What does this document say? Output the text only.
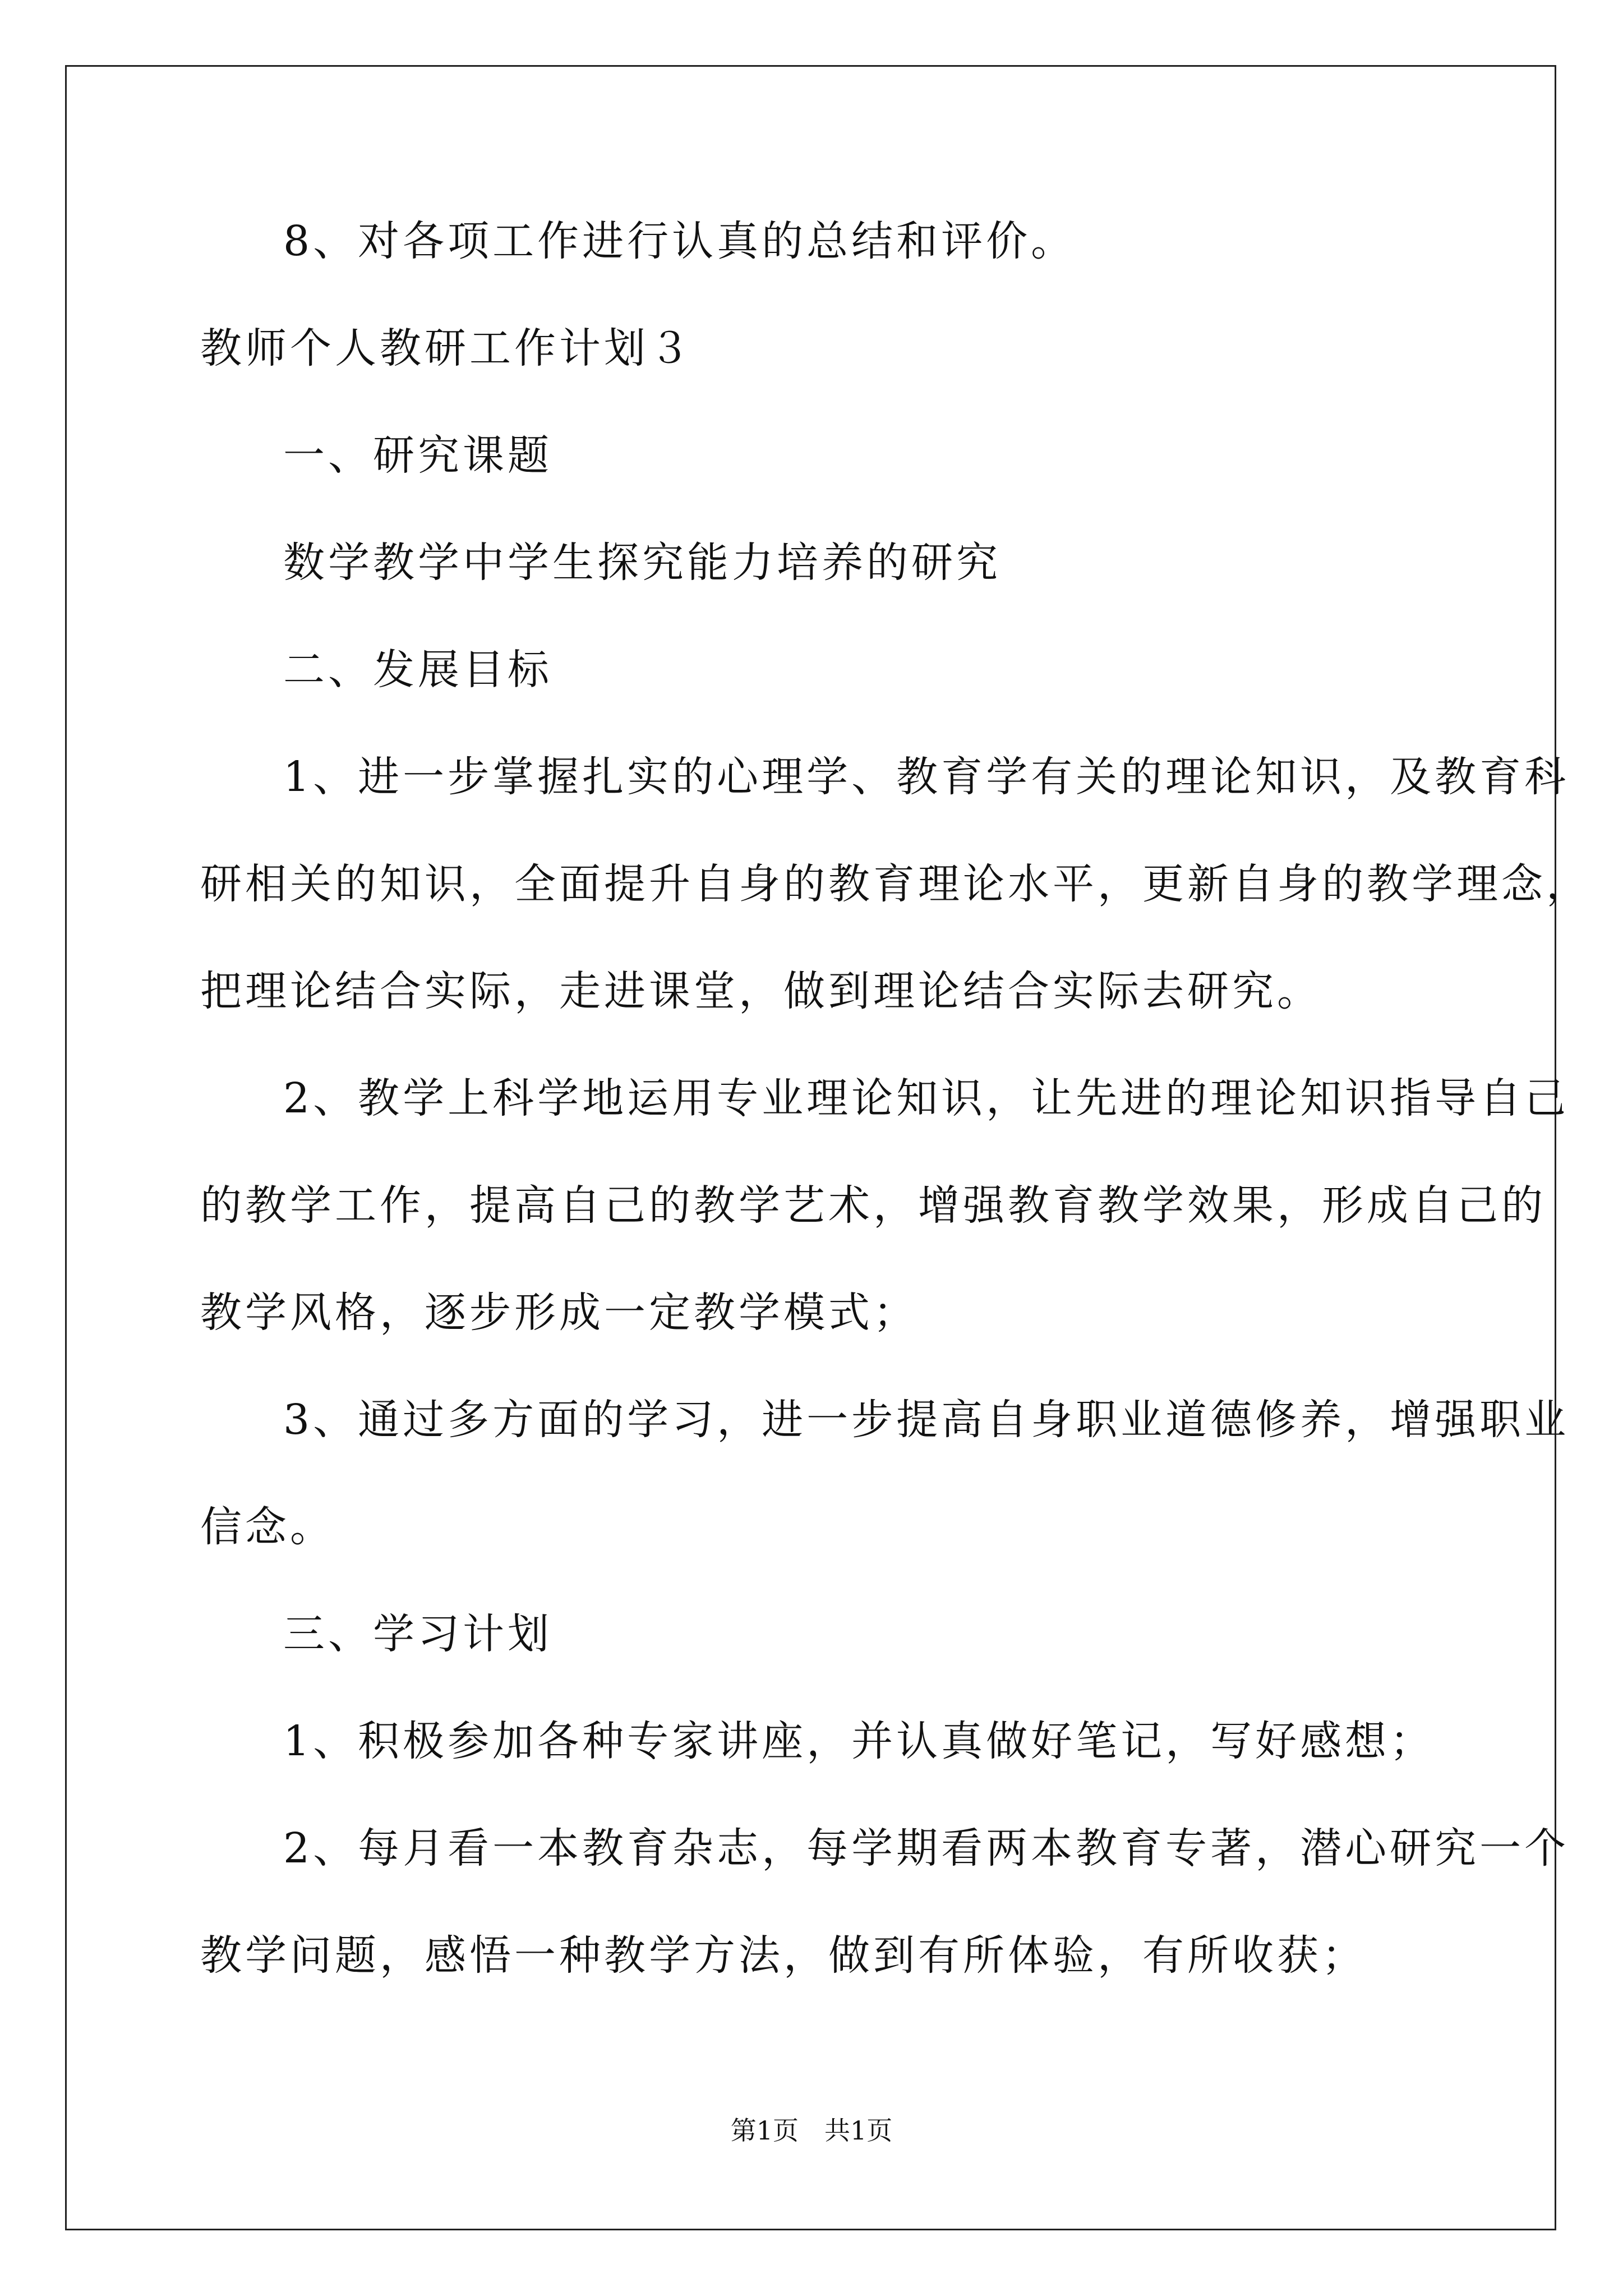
8、对各项工作进行认真的总结和评价。
教师个人教研工作计划３
一、研究课题
数学教学中学生探究能力培养的研究
二、发展目标
1、进一步掌握扎实的心理学、教育学有关的理论知识，及教育科
研相关的知识，全面提升自身的教育理论水平，更新自身的教学理念，
把理论结合实际，走进课堂，做到理论结合实际去研究。
2、教学上科学地运用专业理论知识，让先进的理论知识指导自己
的教学工作，提高自己的教学艺术，增强教育教学效果，形成自己的
教学风格，逐步形成一定教学模式；
3、通过多方面的学习，进一步提高自身职业道德修养，增强职业
信念。
三、学习计划
1、积极参加各种专家讲座，并认真做好笔记，写好感想；
2、每月看一本教育杂志，每学期看两本教育专著，潜心研究一个
教学问题，感悟一种教学方法，做到有所体验，有所收获；
第1页　共1页
